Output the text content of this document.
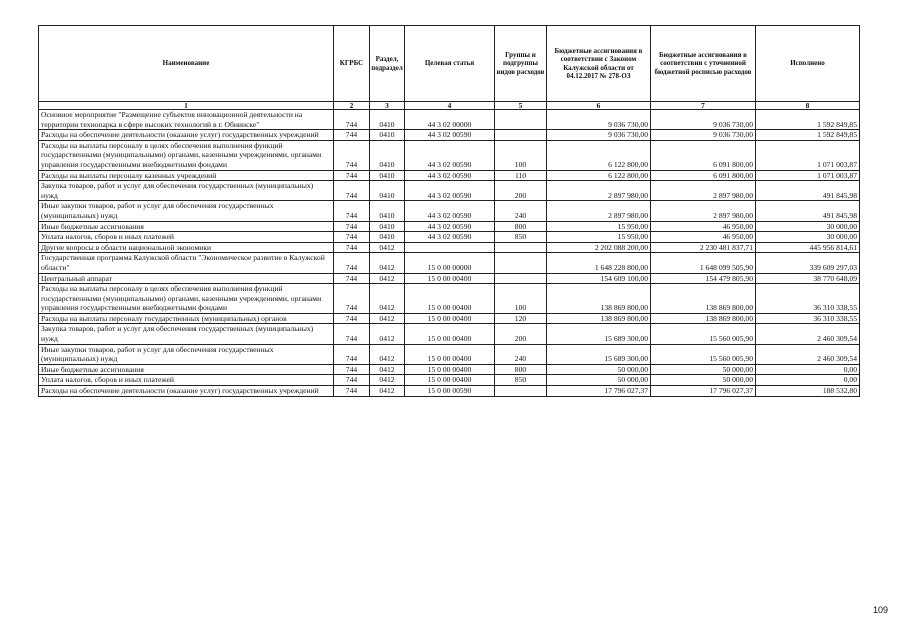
Наименование	КГРБС	Раздел, подраздел	Целевая статья	Группы и подгруппы видов расходов	Бюджетные ассигнования в соответствии с Законом Калужской области от 04.12.2017 № 278-ОЗ	Бюджетные ассигнования в соответствии с уточненной бюджетной росписью расходов	Исполнено
1	2	3	4	5	6	7	8
Основное мероприятие "Размещение субъектов инновационной деятельности на территории технопарка в сфере высоких технологий в г. Обнинске"	744	0410	44 3 02 00000		9 036 730,00	9 036 730,00	1 592 849,85
Расходы на обеспечение деятельности (оказание услуг) государственных учреждений	744	0410	44 3 02 00590		9 036 730,00	9 036 730,00	1 592 849,85
Расходы на выплаты персоналу в целях обеспечения выполнения функций государственными (муниципальными) органами, казенными учреждениями, органами управления государственными внебюджетными фондами	744	0410	44 3 02 00590	100	6 122 800,00	6 091 800,00	1 071 003,87
Расходы на выплаты персоналу казенных учреждений	744	0410	44 3 02 00590	110	6 122 800,00	6 091 800,00	1 071 003,87
Закупка товаров, работ и услуг для обеспечения государственных (муниципальных) нужд	744	0410	44 3 02 00590	200	2 897 980,00	2 897 980,00	491 845,98
Иные закупки товаров, работ и услуг для обеспечения государственных (муниципальных) нужд	744	0410	44 3 02 00590	240	2 897 980,00	2 897 980,00	491 845,98
Иные бюджетные ассигнования	744	0410	44 3 02 00590	800	15 950,00	46 950,00	30 000,00
Уплата налогов, сборов и иных платежей	744	0410	44 3 02 00590	850	15 950,00	46 950,00	30 000,00
Другие вопросы в области национальной экономики	744	0412			2 202 088 200,00	2 230 481 837,71	445 956 814,61
Государственная программа Калужской области "Экономическое развитие в Калужской области"	744	0412	15 0 00 00000		1 648 228 800,00	1 648 099 505,90	339 609 297,03
Центральный аппарат	744	0412	15 0 00 00400		154 609 100,00	154 479 805,90	38 770 648,09
Расходы на выплаты персоналу в целях обеспечения выполнения функций государственными (муниципальными) органами, казенными учреждениями, органами управления государственными внебюджетными фондами	744	0412	15 0 00 00400	100	138 869 800,00	138 869 800,00	36 310 338,55
Расходы на выплаты персоналу государственных (муниципальных) органов	744	0412	15 0 00 00400	120	138 869 800,00	138 869 800,00	36 310 338,55
Закупка товаров, работ и услуг для обеспечения государственных (муниципальных) нужд	744	0412	15 0 00 00400	200	15 689 300,00	15 560 005,90	2 460 309,54
Иные закупки товаров, работ и услуг для обеспечения государственных (муниципальных) нужд	744	0412	15 0 00 00400	240	15 689 300,00	15 560 005,90	2 460 309,54
Иные бюджетные ассигнования	744	0412	15 0 00 00400	800	50 000,00	50 000,00	0,00
Уплата налогов, сборов и иных платежей	744	0412	15 0 00 00400	850	50 000,00	50 000,00	0,00
Расходы на обеспечение деятельности (оказание услуг) государственных учреждений	744	0412	15 0 00 00590		17 796 027,37	17 796 027,37	188 532,80
109
